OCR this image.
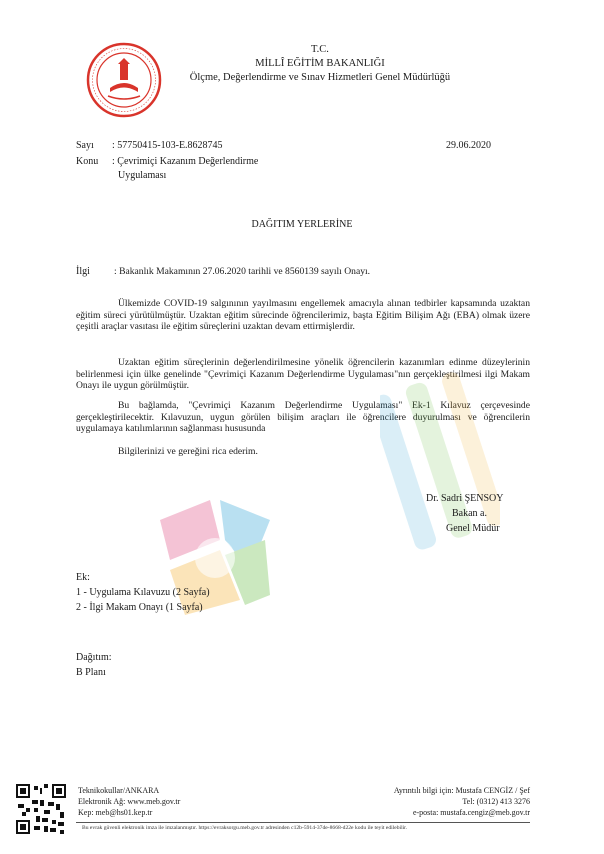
T.C.
MİLLÎ EĞİTİM BAKANLIĞI
Ölçme, Değerlendirme ve Sınav Hizmetleri Genel Müdürlüğü
Sayı : 57750415-103-E.8628745	29.06.2020
Konu : Çevrimiçi Kazanım Değerlendirme
Uygulaması
DAĞITIM YERLERİNE
İlgi	: Bakanlık Makamının 27.06.2020 tarihli ve 8560139 sayılı Onayı.

Ülkemizde COVID-19 salgınının yayılmasını engellemek amacıyla alınan tedbirler kapsamında uzaktan eğitim süreci yürütülmüştür. Uzaktan eğitim sürecinde öğrencilerimiz, başta Eğitim Bilişim Ağı (EBA) olmak üzere çeşitli araçlar vasıtası ile eğitim süreçlerini uzaktan devam ettirmişlerdir.

Uzaktan eğitim süreçlerinin değerlendirilmesine yönelik öğrencilerin kazanımları edinme düzeylerinin belirlenmesi için ülke genelinde "Çevrimiçi Kazanım Değerlendirme Uygulaması"nın gerçekleştirilmesi ilgi Makam Onayı ile uygun görülmüştür.

Bu bağlamda, "Çevrimiçi Kazanım Değerlendirme Uygulaması" Ek-1 Kılavuz çerçevesinde gerçekleştirilecektir. Kılavuzun, uygun görülen bilişim araçları ile öğrencilere duyurulması ve öğrencilerin uygulamaya katılımlarının sağlanması hususunda

Bilgilerinizi ve gereğini rica ederim.

Dr. Sadri ŞENSOY
Bakan a.
Genel Müdür
Ek:
1 - Uygulama Kılavuzu (2 Sayfa)
2 - İlgi Makam Onayı (1 Sayfa)
Dağıtım:
B Planı
Teknikokullar/ANKARA
Elektronik Ağ: www.meb.gov.tr
Kep: meb@hs01.kep.tr
Ayrıntılı bilgi için: Mustafa CENGİZ / Şef
Tel: (0312) 413 3276
e-posta: mustafa.cengiz@meb.gov.tr
Bu evrak güvenli elektronik imza ile imzalanmıştır. https://evraksorgu.meb.gov.tr adresinden c12b-5914-37de-8668-d22e kodu ile teyit edilebilir.
